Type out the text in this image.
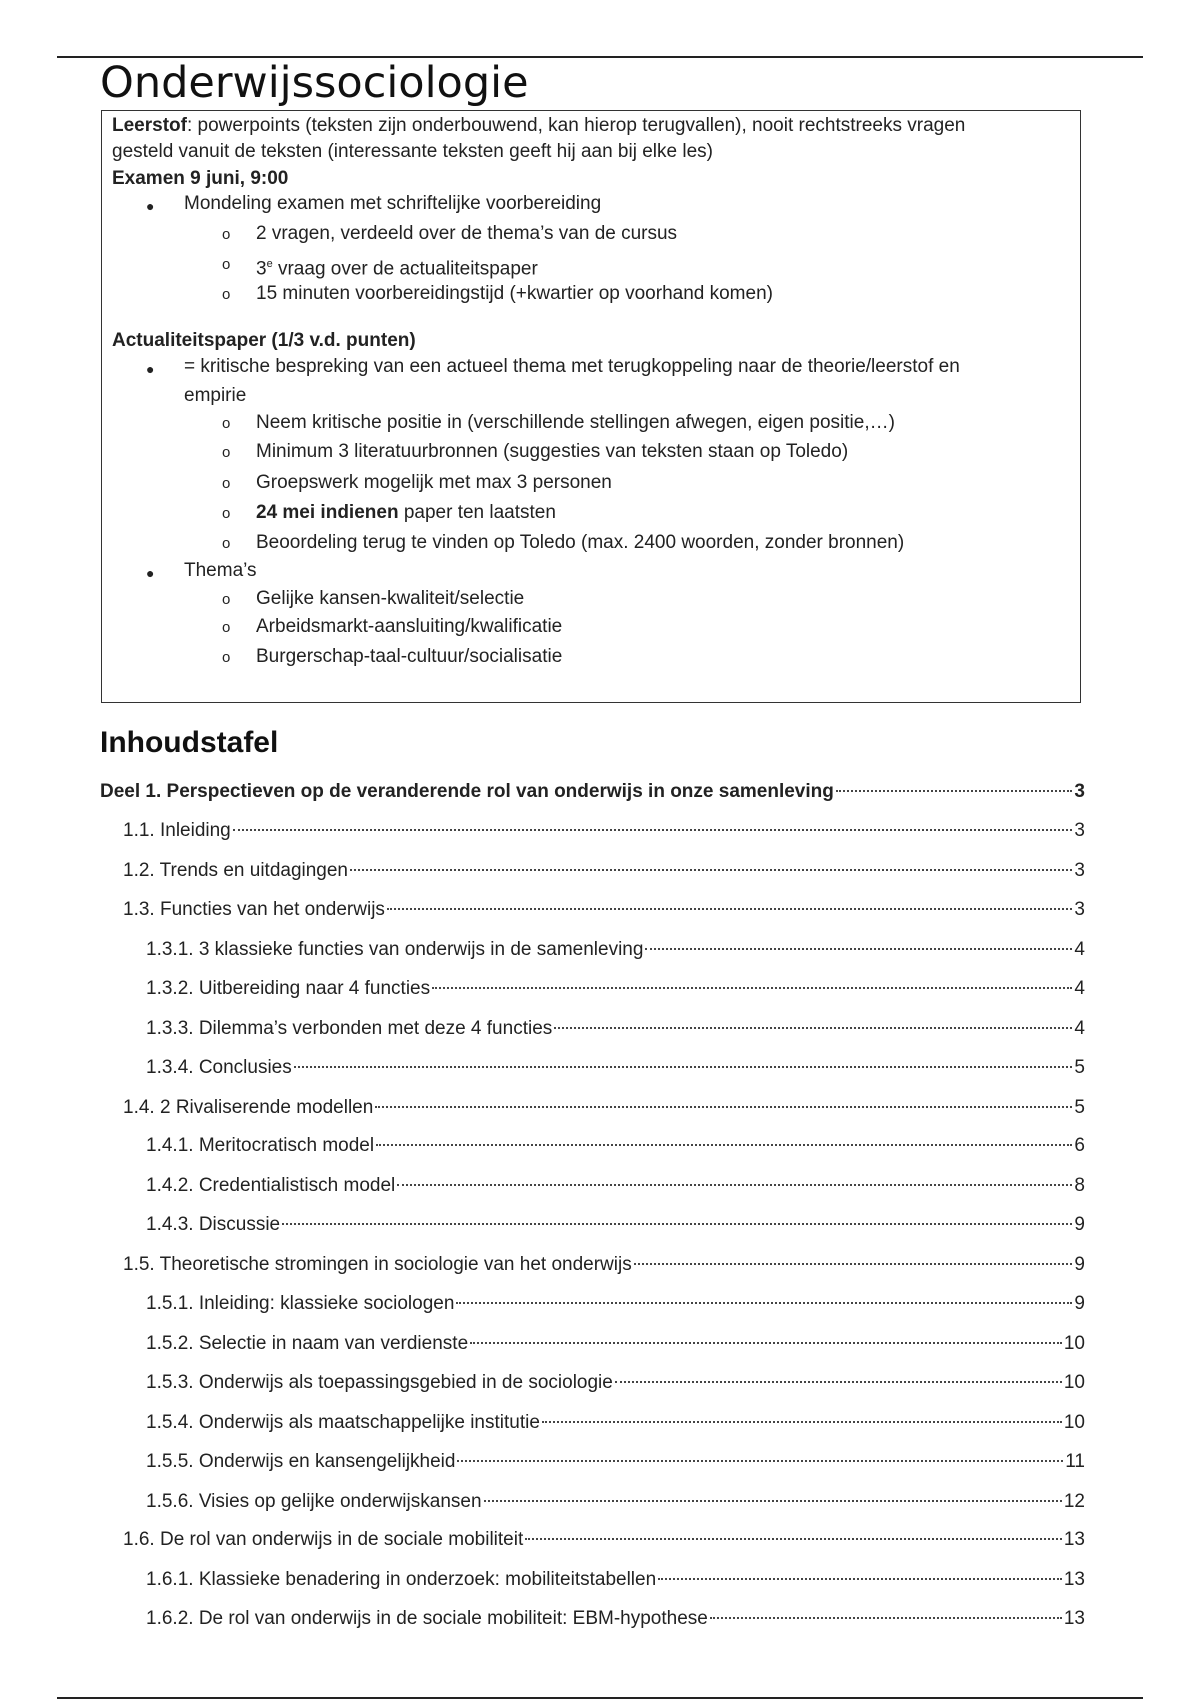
Onderwijssociologie
Leerstof: powerpoints (teksten zijn onderbouwend, kan hierop terugvallen), nooit rechtstreeks vragen
gesteld vanuit de teksten (interessante teksten geeft hij aan bij elke les)
Examen 9 juni, 9:00
● Mondeling examen met schriftelijke voorbereiding
o 2 vragen, verdeeld over de thema’s van de cursus
o 3e vraag over de actualiteitspaper
o 15 minuten voorbereidingstijd (+kwartier op voorhand komen)
Actualiteitspaper (1/3 v.d. punten)
● = kritische bespreking van een actueel thema met terugkoppeling naar de theorie/leerstof en
empirie
o Neem kritische positie in (verschillende stellingen afwegen, eigen positie,…)
o Minimum 3 literatuurbronnen (suggesties van teksten staan op Toledo)
o Groepswerk mogelijk met max 3 personen
o 24 mei indienen paper ten laatsten
o Beoordeling terug te vinden op Toledo (max. 2400 woorden, zonder bronnen)
● Thema’s
o Gelijke kansen-kwaliteit/selectie
o Arbeidsmarkt-aansluiting/kwalificatie
o Burgerschap-taal-cultuur/socialisatie
Inhoudstafel
Deel 1. Perspectieven op de veranderende rol van onderwijs in onze samenleving	3
1.1. Inleiding	3
1.2. Trends en uitdagingen	3
1.3. Functies van het onderwijs	3
1.3.1. 3 klassieke functies van onderwijs in de samenleving	4
1.3.2. Uitbereiding naar 4 functies	4
1.3.3. Dilemma’s verbonden met deze 4 functies	4
1.3.4. Conclusies	5
1.4. 2 Rivaliserende modellen	5
1.4.1. Meritocratisch model	6
1.4.2. Credentialistisch model	8
1.4.3. Discussie	9
1.5. Theoretische stromingen in sociologie van het onderwijs	9
1.5.1. Inleiding: klassieke sociologen	9
1.5.2. Selectie in naam van verdienste	10
1.5.3. Onderwijs als toepassingsgebied in de sociologie	10
1.5.4. Onderwijs als maatschappelijke institutie	10
1.5.5. Onderwijs en kansengelijkheid	11
1.5.6. Visies op gelijke onderwijskansen	12
1.6. De rol van onderwijs in de sociale mobiliteit	13
1.6.1. Klassieke benadering in onderzoek: mobiliteitstabellen	13
1.6.2. De rol van onderwijs in de sociale mobiliteit: EBM-hypothese	13
